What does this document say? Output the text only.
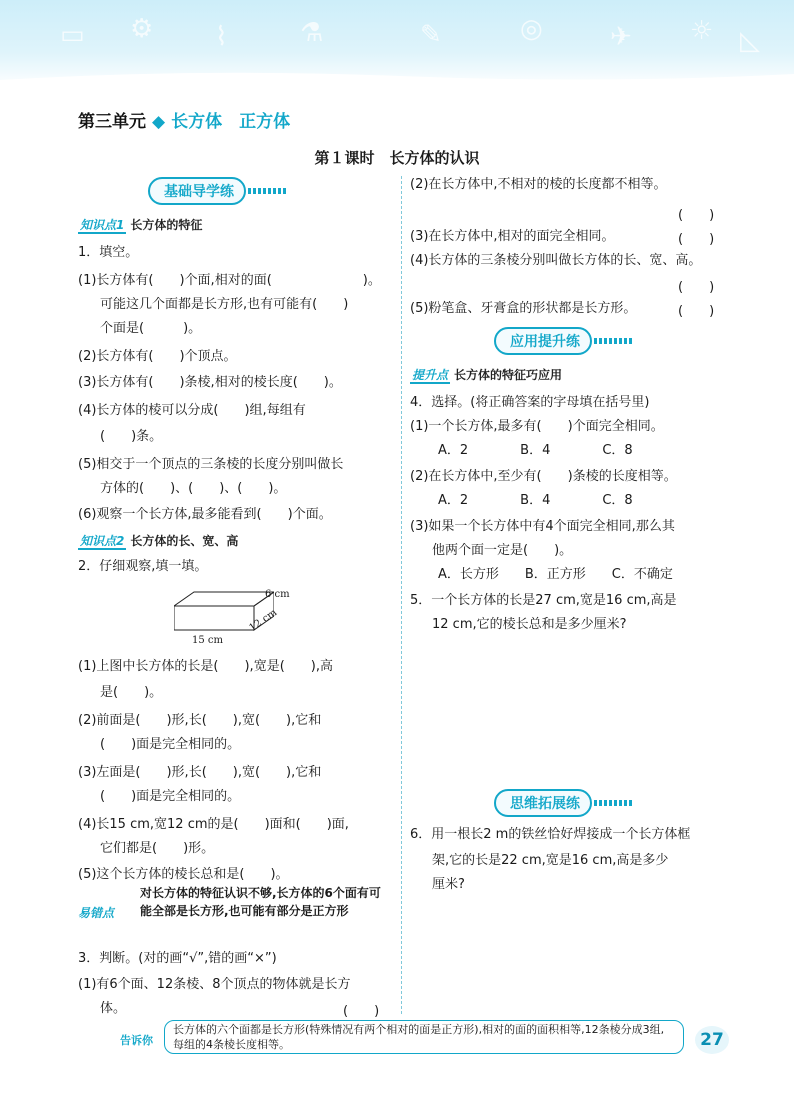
▭ ⚙ ⌇	⚗	✎	◎	✈ ☼ ◺
第三单元 ◆ 长方体　正方体
第１课时　长方体的认识
基础导学练
知识点1 长方体的特征
1．填空。
(1)长方体有(　　)个面,相对的面(　　　　　　　)。
可能这几个面都是长方形,也有可能有(　　)
个面是(　　　)。
(2)长方体有(　　)个顶点。
(3)长方体有(　　)条棱,相对的棱长度(　　)。
(4)长方体的棱可以分成(　　)组,每组有
(　　)条。
(5)相交于一个顶点的三条棱的长度分别叫做长
方体的(　　)、(　　)、(　　)。
(6)观察一个长方体,最多能看到(　　)个面。
知识点2 长方体的长、宽、高
2．仔细观察,填一填。
6 cm
12 cm
15 cm
(1)上图中长方体的长是(　　),宽是(　　),高
是(　　)。
(2)前面是(　　)形,长(　　),宽(　　),它和
(　　)面是完全相同的。
(3)左面是(　　)形,长(　　),宽(　　),它和
(　　)面是完全相同的。
(4)长15 cm,宽12 cm的是(　　)面和(　　)面,
它们都是(　　)形。
(5)这个长方体的棱长总和是(　　)。
易错点
对长方体的特征认识不够,长方体的6个面有可能全部是长方形,也可能有部分是正方形
3．判断。(对的画“√”,错的画“×”)
(1)有6个面、12条棱、8个顶点的物体就是长方
体。	(　　)
(2)在长方体中,不相对的棱的长度都不相等。
(　　)
(3)在长方体中,相对的面完全相同。	(　　)
(4)长方体的三条棱分别叫做长方体的长、宽、高。
(　　)
(5)粉笔盒、牙膏盒的形状都是长方形。	(　　)
应用提升练
提升点 长方体的特征巧应用
4．选择。(将正确答案的字母填在括号里)
(1)一个长方体,最多有(　　)个面完全相同。
A．2　　　　B．4　　　　C．8
(2)在长方体中,至少有(　　)条棱的长度相等。
A．2　　　　B．4　　　　C．8
(3)如果一个长方体中有4个面完全相同,那么其
他两个面一定是(　　)。
A．长方形　　B．正方形　　C．不确定
5．一个长方体的长是27 cm,宽是16 cm,高是
12 cm,它的棱长总和是多少厘米?
思维拓展练
6．用一根长2 m的铁丝恰好焊接成一个长方体框
架,它的长是22 cm,宽是16 cm,高是多少
厘米?
告诉你
长方体的六个面都是长方形(特殊情况有两个相对的面是正方形),相对的面的面积相等,12条棱分成3组,每组的4条棱长度相等。	27
